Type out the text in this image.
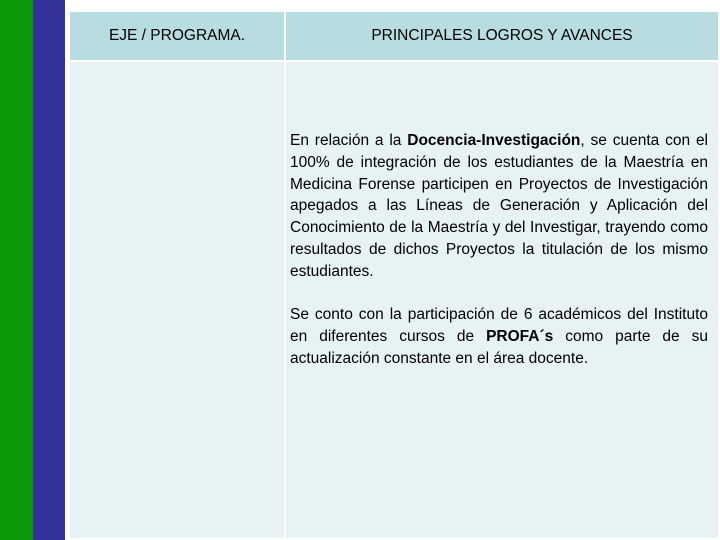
EJE / PROGRAMA.	PRINCIPALES LOGROS Y AVANCES

	En relación a la Docencia-Investigación, se cuenta con el 100% de integración de los estudiantes de la Maestría en Medicina Forense participen en Proyectos de Investigación apegados a las Líneas de Generación y Aplicación del Conocimiento de la Maestría y del Investigar, trayendo como resultados de dichos Proyectos la titulación de los mismo estudiantes.

Se conto con la participación de 6 académicos del Instituto en diferentes cursos de PROFA´s como parte de su actualización constante en el área docente.
